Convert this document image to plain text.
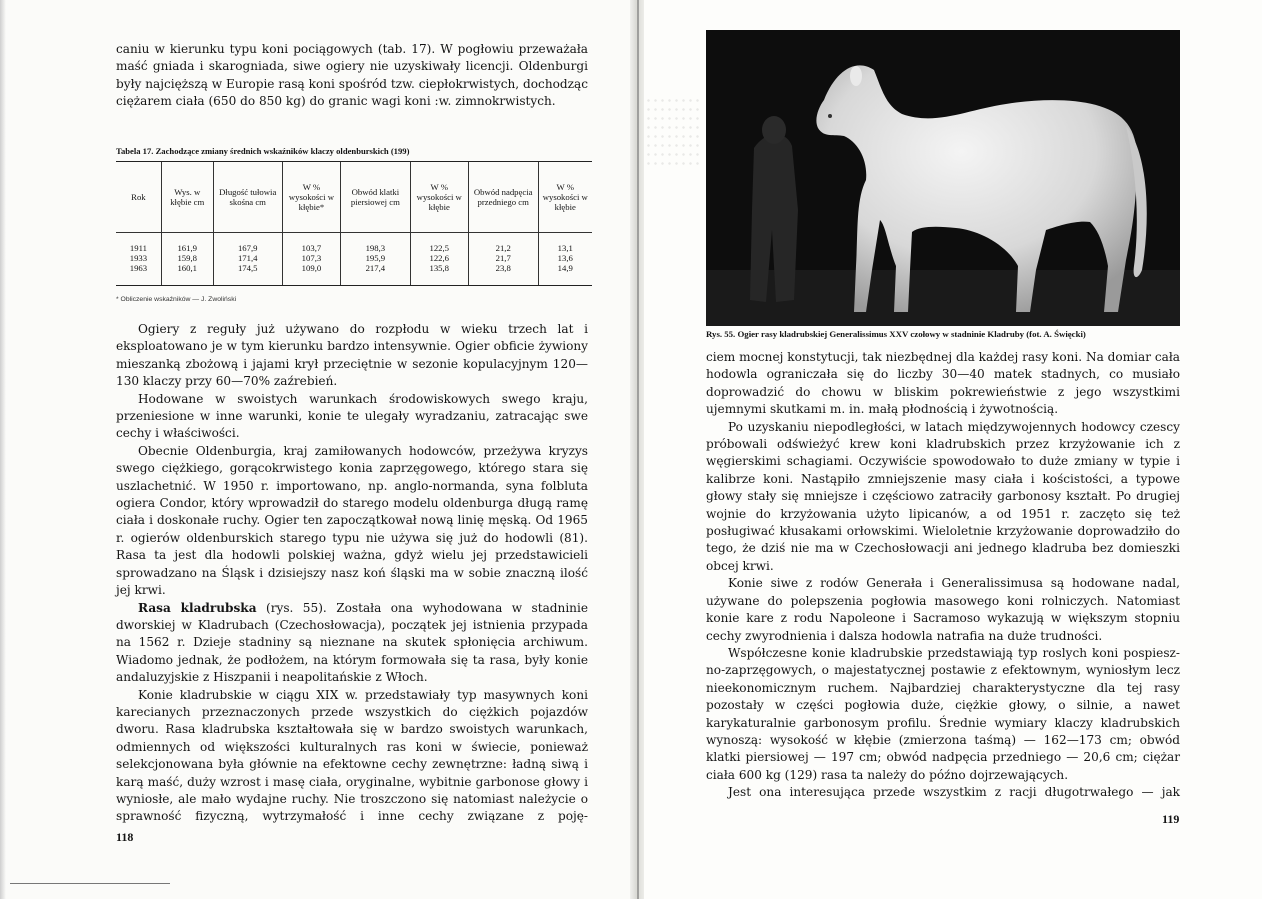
caniu w kierunku typu koni pociągowych (tab. 17). W pogłowiu przeważała maść gniada i skarogniada, siwe ogiery nie uzyskiwały licencji. Oldenburgi były najcięższą w Europie rasą koni spośród tzw. ciepłokrwistych, dochodząc ciężarem ciała (650 do 850 kg) do granic wagi koni :w. zimnokrwistych.

Tabela 17. Zachodzące zmiany średnich wskaźników klaczy oldenburskich (199)
Rok	Wys. w kłębie cm	Długość tułowia skośna cm	W % wysokości w kłębie*	Obwód klatki piersiowej cm	W % wysokości w kłębie	Obwód nadpęcia przedniego cm	W % wysokości w kłębie

1911	161,9	167,9	103,7	198,3	122,5	21,2	13,1
1933	159,8	171,4	107,3	195,9	122,6	21,7	13,6
1963	160,1	174,5	109,0	217,4	135,8	23,8	14,9

* Obliczenie wskaźników — J. Zwoliński

Ogiery z reguły już używano do rozpłodu w wieku trzech lat i eksploatowano je w tym kierunku bardzo intensywnie. Ogier obficie żywiony mieszanką zbożową i jajami krył przeciętnie w sezonie kopulacyjnym 120—130 klaczy przy 60—70% zaźrebień.

Hodowane w swoistych warunkach środowiskowych swego kraju, przeniesione w inne warunki, konie te ulegały wyradzaniu, zatracając swe cechy i właściwości.

Obecnie Oldenburgia, kraj zamiłowanych hodowców, przeżywa kryzys swego ciężkiego, gorącokrwistego konia zaprzęgowego, którego stara się uszlachetnić. W 1950 r. importowano, np. anglo-normanda, syna folbluta ogiera Condor, który wprowadził do starego modelu oldenburga długą ramę ciała i doskonałe ruchy. Ogier ten zapoczątkował nową linię męską. Od 1965 r. ogierów oldenburskich starego typu nie używa się już do hodowli (81). Rasa ta jest dla hodowli polskiej ważna, gdyż wielu jej przedstawicieli sprowadzano na Śląsk i dzisiejszy nasz koń śląski ma w sobie znaczną ilość jej krwi.

Rasa kladrubska (rys. 55). Została ona wyhodowana w stadninie dworskiej w Kladrubach (Czechosłowacja), początek jej istnienia przypada na 1562 r. Dzieje stadniny są nieznane na skutek spłonięcia archiwum. Wiadomo jednak, że podłożem, na którym formowała się ta rasa, były konie andaluzyjskie z Hiszpanii i neapolitańskie z Włoch.

Konie kladrubskie w ciągu XIX w. przedstawiały typ masywnych koni karecianych przeznaczonych przede wszystkich do ciężkich pojazdów dworu. Rasa kladrubska kształtowała się w bardzo swoistych warunkach, odmiennych od większości kulturalnych ras koni w świecie, ponieważ selekcjonowana była głównie na efektowne cechy zewnętrzne: ładną siwą i karą maść, duży wzrost i masę ciała, oryginalne, wybitnie garbonose głowy i wyniosłe, ale mało wydajne ruchy. Nie troszczono się natomiast należycie o sprawność fizyczną, wytrzymałość i inne cechy związane z poję-

118
Rys. 55. Ogier rasy kladrubskiej Generalissimus XXV czołowy w stadninie Kladruby (fot. A. Święcki)

ciem mocnej konstytucji, tak niezbędnej dla każdej rasy koni. Na domiar cała hodowla ograniczała się do liczby 30—40 matek stadnych, co musiało doprowadzić do chowu w bliskim pokrewieństwie z jego wszystkimi ujemnymi skutkami m. in. małą płodnością i żywotnością.

Po uzyskaniu niepodległości, w latach międzywojennych hodowcy czescy próbowali odświeżyć krew koni kladrubskich przez krzyżowanie ich z węgierskimi schagiami. Oczywiście spowodowało to duże zmiany w typie i kalibrze koni. Nastąpiło zmniejszenie masy ciała i kościstości, a typowe głowy stały się mniejsze i częściowo zatraciły garbonosy kształt. Po drugiej wojnie do krzyżowania użyto lipicanów, a od 1951 r. zaczęto się też posługiwać kłusakami orłowskimi. Wieloletnie krzyżowanie doprowadziło do tego, że dziś nie ma w Czechosłowacji ani jednego kladruba bez domieszki obcej krwi.

Konie siwe z rodów Generała i Generalissimusa są hodowane nadal, używane do polepszenia pogłowia masowego koni rolniczych. Natomiast konie kare z rodu Napoleone i Sacramoso wykazują w większym stopniu cechy zwyrodnienia i dalsza hodowla natrafia na duże trudności.

Współczesne konie kladrubskie przedstawiają typ roslych koni pospiesz-no-zaprzęgowych, o majestatycznej postawie z efektownym, wyniosłym lecz nieekonomicznym ruchem. Najbardziej charakterystyczne dla tej rasy pozostały w części pogłowia duże, ciężkie głowy, o silnie, a nawet karykaturalnie garbonosym profilu. Średnie wymiary klaczy kladrubskich wynoszą: wysokość w kłębie (zmierzona taśmą) — 162—173 cm; obwód klatki piersiowej — 197 cm; obwód nadpęcia przedniego — 20,6 cm; ciężar ciała 600 kg (129) rasa ta należy do późno dojrzewających.

Jest ona interesująca przede wszystkim z racji długotrwałego — jak

119
